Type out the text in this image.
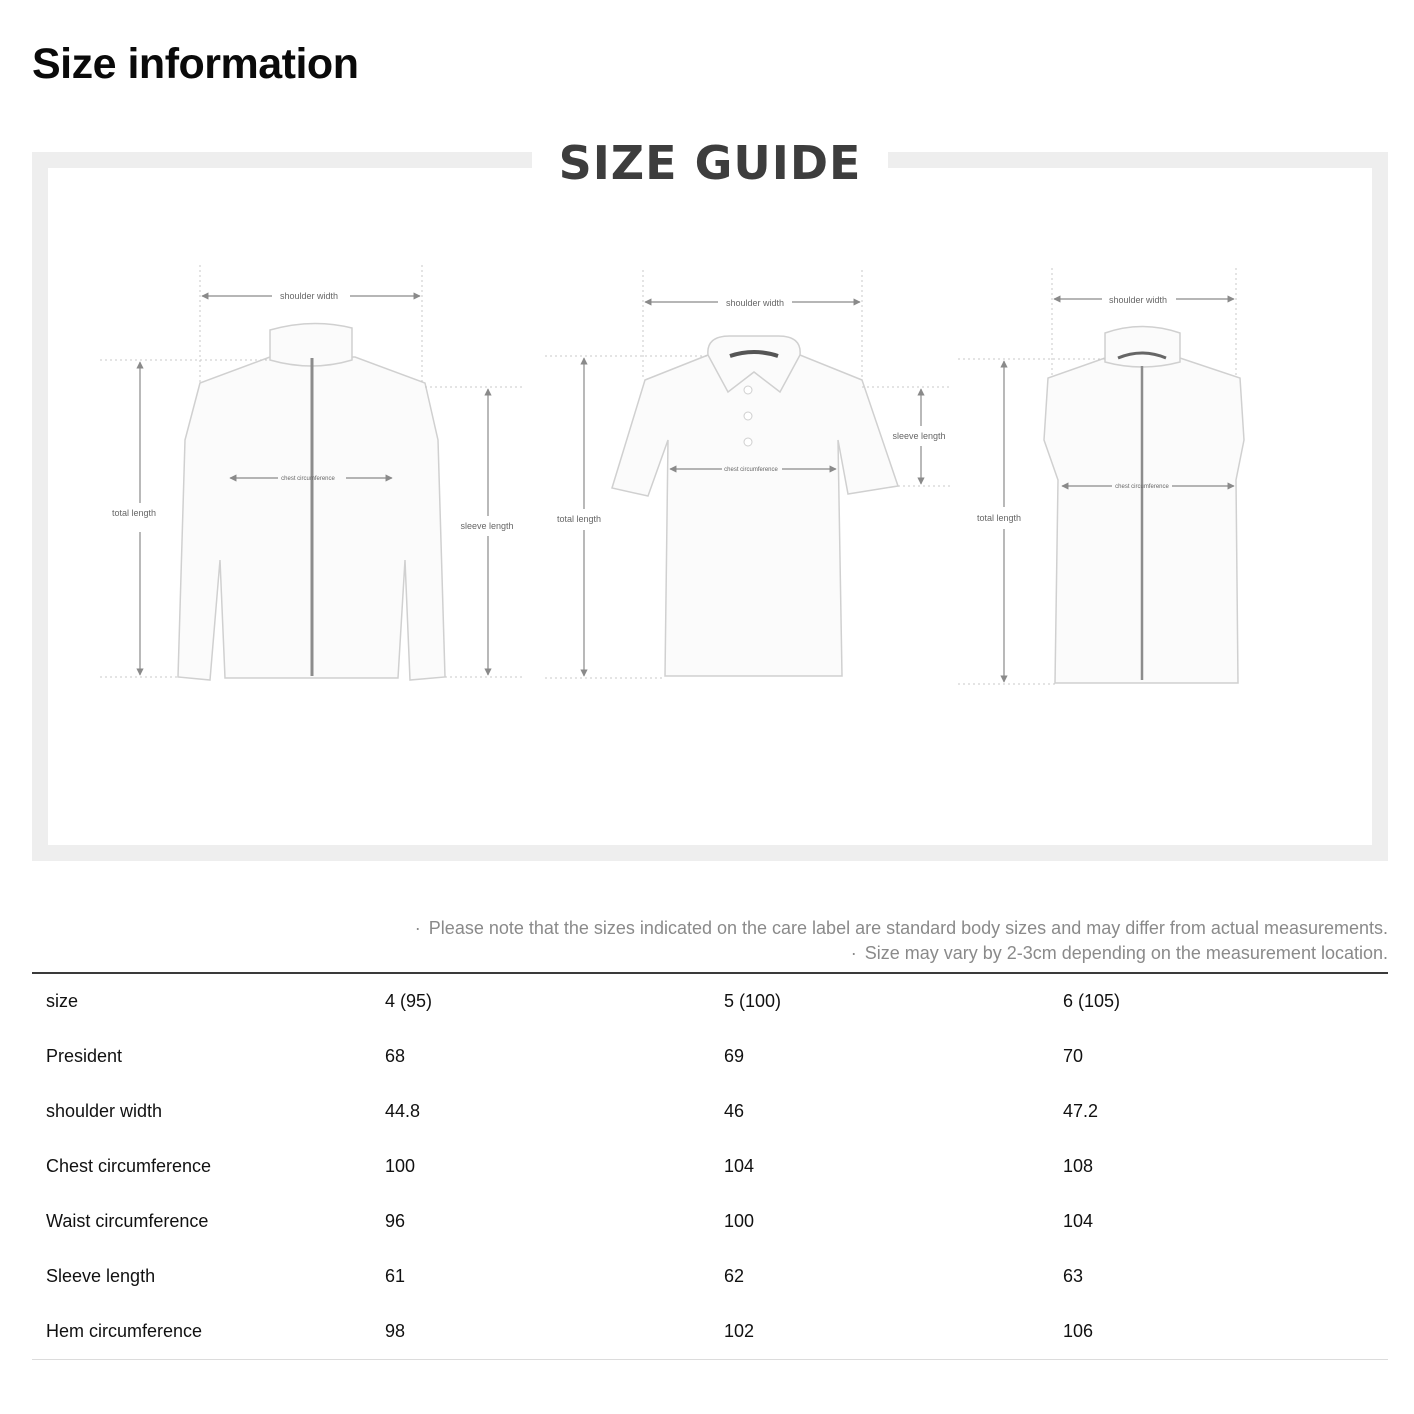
Size information
SIZE GUIDE
shoulder width
total length
chest circumference
sleeve length
shoulder width
total length
chest circumference
sleeve length
shoulder width
total length
chest circumference
· Please note that the sizes indicated on the care label are standard body sizes and may differ from actual measurements.
· Size may vary by 2-3cm depending on the measurement location.
size	4 (95)	5 (100)	6 (105)
President	68	69	70
shoulder width	44.8	46	47.2
Chest circumference	100	104	108
Waist circumference	96	100	104
Sleeve length	61	62	63
Hem circumference	98	102	106
